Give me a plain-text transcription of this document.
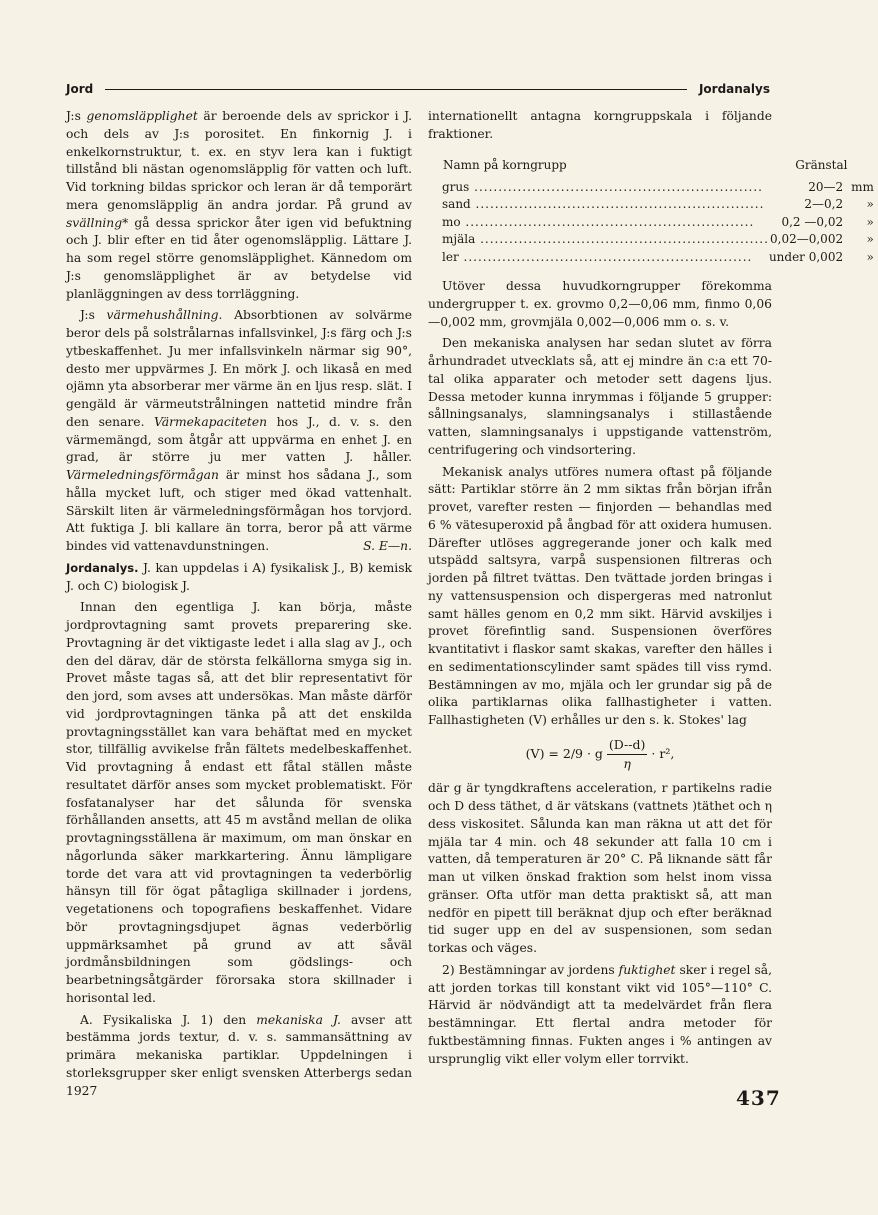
Jord	Jordanalys

J:s genomsläpplighet är beroende dels av sprickor i J. och dels av J:s porositet. En finkornig J. i enkelkornstruktur, t. ex. en styv lera kan i fuktigt tillstånd bli nästan ogenomsläpplig för vatten och luft. Vid torkning bildas sprickor och leran är då temporärt mera genomsläpplig än andra jordar. På grund av svällning* gå dessa sprickor åter igen vid befuktning och J. blir efter en tid åter ogenomsläpplig. Lättare J. ha som regel större genomsläpplighet. Kännedom om J:s genomsläpplighet är av betydelse vid planläggningen av dess torrläggning.

J:s värmehushållning. Absorbtionen av solvärme beror dels på solstrålarnas infallsvinkel, J:s färg och J:s ytbeskaffenhet. Ju mer infallsvinkeln närmar sig 90°, desto mer uppvärmes J. En mörk J. och likaså en med ojämn yta absorberar mer värme än en ljus resp. slät. I gengäld är värmeutstrålningen nattetid mindre från den senare. Värmekapaciteten hos J., d. v. s. den värmemängd, som åtgår att uppvärma en enhet J. en grad, är större ju mer vatten J. håller. Värmeledningsförmågan är minst hos sådana J., som hålla mycket luft, och stiger med ökad vattenhalt. Särskilt liten är värmeledningsförmågan hos torvjord. Att fuktiga J. bli kallare än torra, beror på att värme bindes vid vattenavdunstningen.	S. E—n.

Jordanalys. J. kan uppdelas i A) fysikalisk J., B) kemisk J. och C) biologisk J.

Innan den egentliga J. kan börja, måste jordprovtagning samt provets preparering ske. Provtagning är det viktigaste ledet i alla slag av J., och den del därav, där de största felkällorna smyga sig in. Provet måste tagas så, att det blir representativt för den jord, som avses att undersökas. Man måste därför vid jordprovtagningen tänka på att det enskilda provtagningsstället kan vara behäftat med en mycket stor, tillfällig avvikelse från fältets medelbeskaffenhet. Vid provtagning å endast ett fåtal ställen måste resultatet därför anses som mycket problematiskt. För fosfatanalyser har det sålunda för svenska förhållanden ansetts, att 45 m avstånd mellan de olika provtagningsställena är maximum, om man önskar en någorlunda säker markkartering. Ännu lämpligare torde det vara att vid provtagningen ta vederbörlig hänsyn till för ögat påtagliga skillnader i jordens, vegetationens och topografiens beskaffenhet. Vidare bör provtagningsdjupet ägnas vederbörlig uppmärksamhet på grund av att såväl jordmånsbildningen som gödslings- och bearbetningsåtgärder förorsaka stora skillnader i horisontal led.

A. Fysikaliska J. 1) den mekaniska J. avser att bestämma jords textur, d. v. s. sammansättning av primära mekaniska partiklar. Uppdelningen i storleksgrupper sker enligt svensken Atterbergs sedan 1927

internationellt antagna korngruppskala i följande fraktioner.

Namn på korngrupp	Gränstal	
grus .....	20—2	mm
sand .....	2—0,2	»
mo .....	0,2 —0,02	»
mjäla .....	0,02—0,002	»
ler .....	under 0,002	»

Utöver dessa huvudkorngrupper förekomma undergrupper t. ex. grovmo 0,2—0,06 mm, finmo 0,06—0,002 mm, grovmjäla 0,002—0,006 mm o. s. v.

Den mekaniska analysen har sedan slutet av förra århundradet utvecklats så, att ej mindre än c:a ett 70-tal olika apparater och metoder sett dagens ljus. Dessa metoder kunna inrymmas i följande 5 grupper: sållningsanalys, slamningsanalys i stillastående vatten, slamningsanalys i uppstigande vattenström, centrifugering och vindsortering.

Mekanisk analys utföres numera oftast på följande sätt: Partiklar större än 2 mm siktas från början ifrån provet, varefter resten — finjorden — behandlas med 6 % vätesuperoxid på ångbad för att oxidera humusen. Därefter utlöses aggregerande joner och kalk med utspädd saltsyra, varpå suspensionen filtreras och jorden på filtret tvättas. Den tvättade jorden bringas i ny vattensuspension och dispergeras med natronlut samt hälles genom en 0,2 mm sikt. Härvid avskiljes i provet förefintlig sand. Suspensionen överföres kvantitativt i flaskor samt skakas, varefter den hälles i en sedimentationscylinder samt spädes till viss rymd. Bestämningen av mo, mjäla och ler grundar sig på de olika partiklarnas olika fallhastigheter i vatten. Fallhastigheten (V) erhålles ur den s. k. Stokes' lag

(V) = 2/9 · g $\frac{(D--d)}{\eta} \cdot r^2$,

där g är tyngdkraftens acceleration, r partikelns radie och D dess täthet, d är vätskans (vattnets )täthet och η dess viskositet. Sålunda kan man räkna ut att det för mjäla tar 4 min. och 48 sekunder att falla 10 cm i vatten, då temperaturen är 20° C. På liknande sätt får man ut vilken önskad fraktion som helst inom vissa gränser. Ofta utför man detta praktiskt så, att man nedför en pipett till beräknat djup och efter beräknad tid suger upp en del av suspensionen, som sedan torkas och väges.

2) Bestämningar av jordens fuktighet sker i regel så, att jorden torkas till konstant vikt vid 105°—110° C. Härvid är nödvändigt att ta medelvärdet från flera bestämningar. Ett flertal andra metoder för fuktbestämning finnas. Fukten anges i % antingen av ursprunglig vikt eller volym eller torrvikt.

437
